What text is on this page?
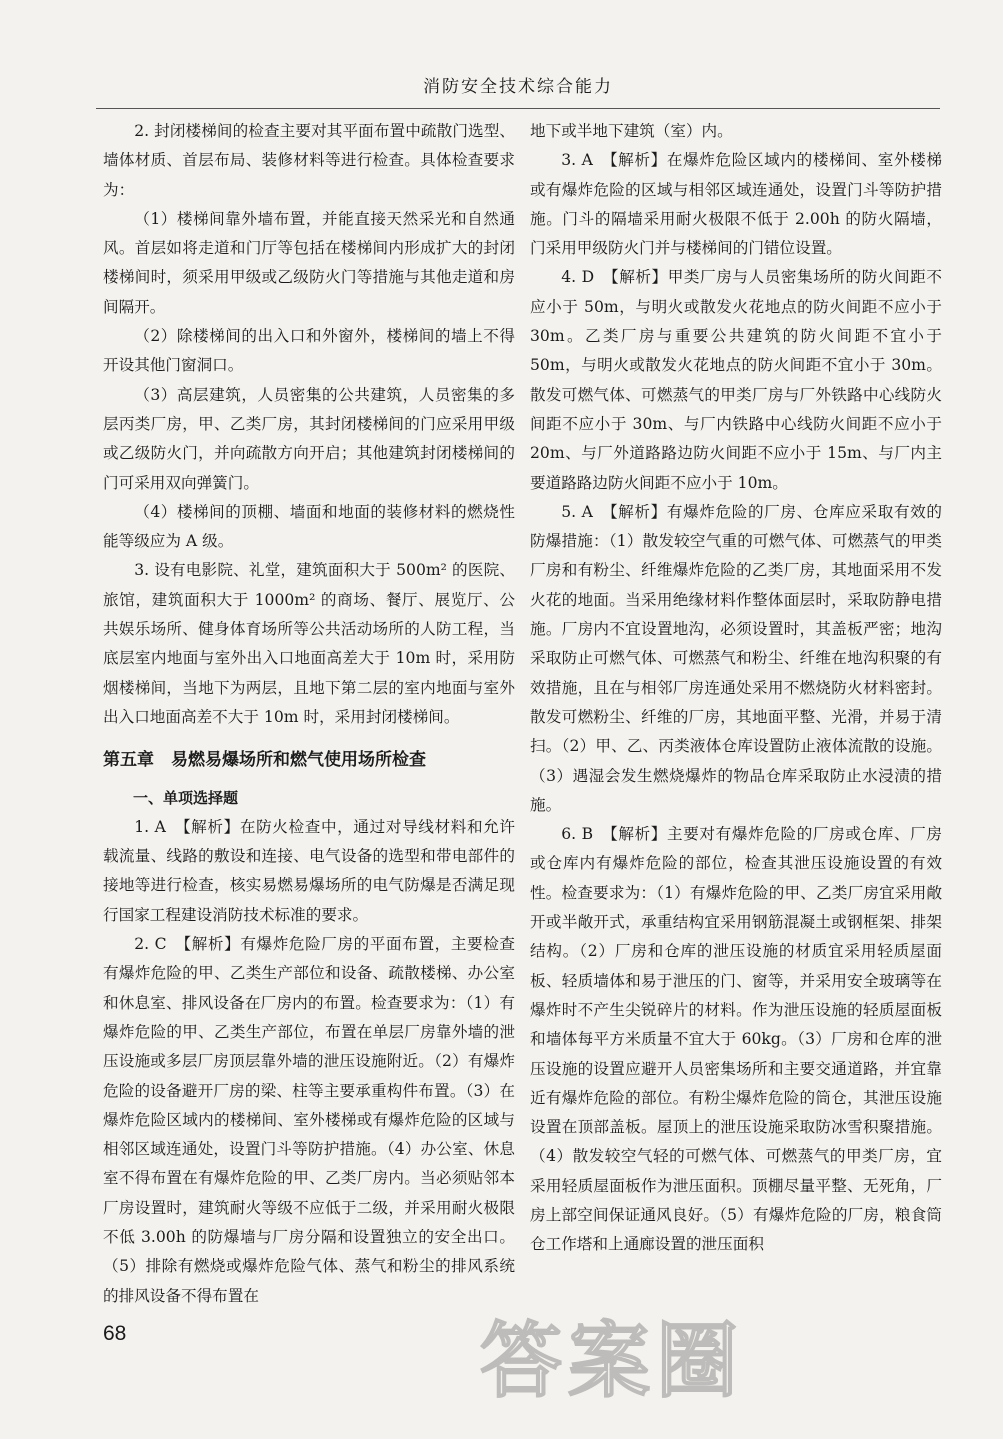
消防安全技术综合能力

2. 封闭楼梯间的检查主要对其平面布置中疏散门选型、墙体材质、首层布局、装修材料等进行检查。具体检查要求为：

（1）楼梯间靠外墙布置，并能直接天然采光和自然通风。首层如将走道和门厅等包括在楼梯间内形成扩大的封闭楼梯间时，须采用甲级或乙级防火门等措施与其他走道和房间隔开。

（2）除楼梯间的出入口和外窗外，楼梯间的墙上不得开设其他门窗洞口。

（3）高层建筑，人员密集的公共建筑，人员密集的多层丙类厂房，甲、乙类厂房，其封闭楼梯间的门应采用甲级或乙级防火门，并向疏散方向开启；其他建筑封闭楼梯间的门可采用双向弹簧门。

（4）楼梯间的顶棚、墙面和地面的装修材料的燃烧性能等级应为 A 级。

3. 设有电影院、礼堂，建筑面积大于 500m² 的医院、旅馆，建筑面积大于 1000m² 的商场、餐厅、展览厅、公共娱乐场所、健身体育场所等公共活动场所的人防工程，当底层室内地面与室外出入口地面高差大于 10m 时，采用防烟楼梯间，当地下为两层，且地下第二层的室内地面与室外出入口地面高差不大于 10m 时，采用封闭楼梯间。

第五章　易燃易爆场所和燃气使用场所检查

一、单项选择题

1. A　【解析】在防火检查中，通过对导线材料和允许载流量、线路的敷设和连接、电气设备的选型和带电部件的接地等进行检查，核实易燃易爆场所的电气防爆是否满足现行国家工程建设消防技术标准的要求。

2. C　【解析】有爆炸危险厂房的平面布置，主要检查有爆炸危险的甲、乙类生产部位和设备、疏散楼梯、办公室和休息室、排风设备在厂房内的布置。检查要求为：（1）有爆炸危险的甲、乙类生产部位，布置在单层厂房靠外墙的泄压设施或多层厂房顶层靠外墙的泄压设施附近。（2）有爆炸危险的设备避开厂房的梁、柱等主要承重构件布置。（3）在爆炸危险区域内的楼梯间、室外楼梯或有爆炸危险的区域与相邻区域连通处，设置门斗等防护措施。（4）办公室、休息室不得布置在有爆炸危险的甲、乙类厂房内。当必须贴邻本厂房设置时，建筑耐火等级不应低于二级，并采用耐火极限不低 3.00h 的防爆墙与厂房分隔和设置独立的安全出口。（5）排除有燃烧或爆炸危险气体、蒸气和粉尘的排风系统的排风设备不得布置在

地下或半地下建筑（室）内。

3. A　【解析】在爆炸危险区域内的楼梯间、室外楼梯或有爆炸危险的区域与相邻区域连通处，设置门斗等防护措施。门斗的隔墙采用耐火极限不低于 2.00h 的防火隔墙，门采用甲级防火门并与楼梯间的门错位设置。

4. D　【解析】甲类厂房与人员密集场所的防火间距不应小于 50m，与明火或散发火花地点的防火间距不应小于 30m。乙类厂房与重要公共建筑的防火间距不宜小于 50m，与明火或散发火花地点的防火间距不宜小于 30m。散发可燃气体、可燃蒸气的甲类厂房与厂外铁路中心线防火间距不应小于 30m、与厂内铁路中心线防火间距不应小于 20m、与厂外道路路边防火间距不应小于 15m、与厂内主要道路路边防火间距不应小于 10m。

5. A　【解析】有爆炸危险的厂房、仓库应采取有效的防爆措施：（1）散发较空气重的可燃气体、可燃蒸气的甲类厂房和有粉尘、纤维爆炸危险的乙类厂房，其地面采用不发火花的地面。当采用绝缘材料作整体面层时，采取防静电措施。厂房内不宜设置地沟，必须设置时，其盖板严密；地沟采取防止可燃气体、可燃蒸气和粉尘、纤维在地沟积聚的有效措施，且在与相邻厂房连通处采用不燃烧防火材料密封。散发可燃粉尘、纤维的厂房，其地面平整、光滑，并易于清扫。（2）甲、乙、丙类液体仓库设置防止液体流散的设施。（3）遇湿会发生燃烧爆炸的物品仓库采取防止水浸渍的措施。

6. B　【解析】主要对有爆炸危险的厂房或仓库、厂房或仓库内有爆炸危险的部位，检查其泄压设施设置的有效性。检查要求为：（1）有爆炸危险的甲、乙类厂房宜采用敞开或半敞开式，承重结构宜采用钢筋混凝土或钢框架、排架结构。（2）厂房和仓库的泄压设施的材质宜采用轻质屋面板、轻质墙体和易于泄压的门、窗等，并采用安全玻璃等在爆炸时不产生尖锐碎片的材料。作为泄压设施的轻质屋面板和墙体每平方米质量不宜大于 60kg。（3）厂房和仓库的泄压设施的设置应避开人员密集场所和主要交通道路，并宜靠近有爆炸危险的部位。有粉尘爆炸危险的筒仓，其泄压设施设置在顶部盖板。屋顶上的泄压设施采取防冰雪积聚措施。（4）散发较空气轻的可燃气体、可燃蒸气的甲类厂房，宜采用轻质屋面板作为泄压面积。顶棚尽量平整、无死角，厂房上部空间保证通风良好。（5）有爆炸危险的厂房，粮食筒仓工作塔和上通廊设置的泄压面积

68	答案圈
